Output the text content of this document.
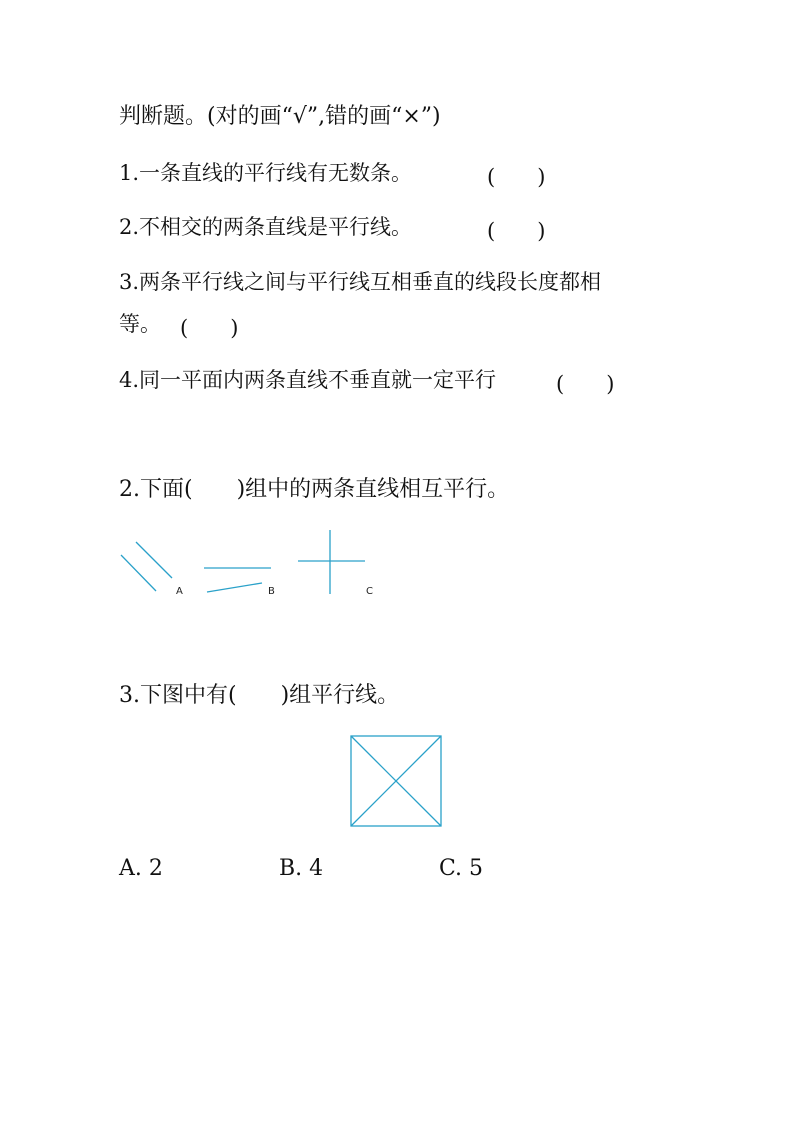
判断题。(对的画“√”,错的画“×”)
1.一条直线的平行线有无数条。	(　　)
2.不相交的两条直线是平行线。	(　　)
3.两条平行线之间与平行线互相垂直的线段长度都相
等。 (　　)
4.同一平面内两条直线不垂直就一定平行	(　　)
2.下面(　　)组中的两条直线相互平行。
A	B	C
3.下图中有(　　)组平行线。
A. 2	B. 4	C. 5
